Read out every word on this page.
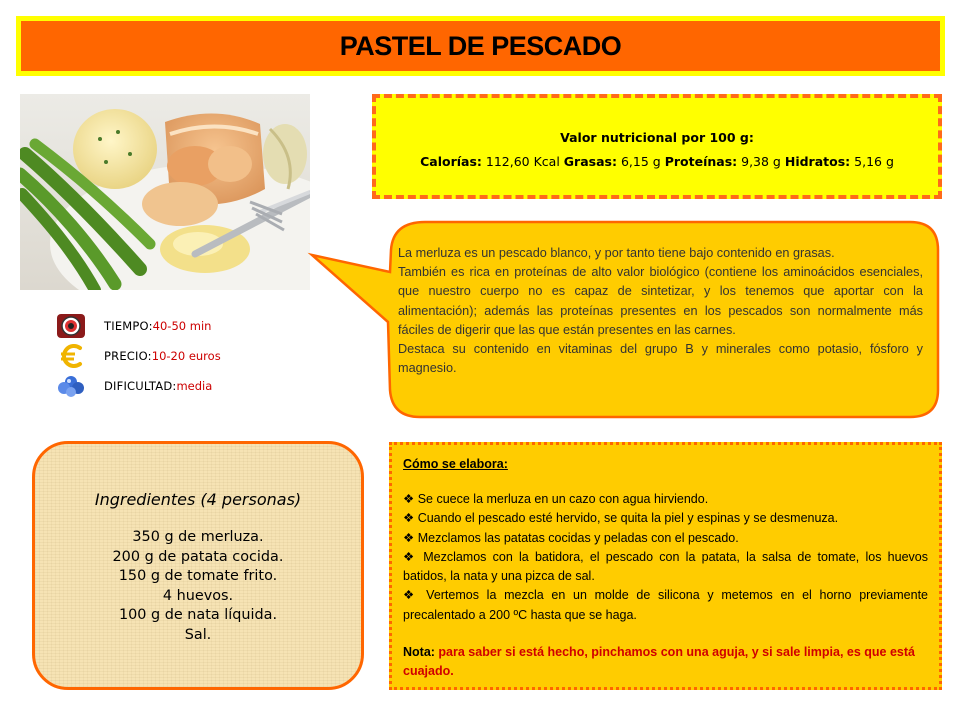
PASTEL DE PESCADO
Valor nutricional por 100 g:
Calorías: 112,60 Kcal Grasas: 6,15 g Proteínas: 9,38 g Hidratos: 5,16 g

La merluza es un pescado blanco, y por tanto tiene bajo contenido en grasas.

También es rica en proteínas de alto valor biológico (contiene los aminoácidos esenciales, que nuestro cuerpo no es capaz de sintetizar, y los tenemos que aportar con la alimentación); además las proteínas presentes en los pescados son normalmente más fáciles de digerir que las que están presentes en las carnes.

Destaca su contenido en vitaminas del grupo B y minerales como potasio, fósforo y magnesio.

TIEMPO: 40-50 min
PRECIO: 10-20 euros
DIFICULTAD: media
Ingredientes (4 personas)
350 g de merluza.
200 g de patata cocida.
150 g de tomate frito.
4 huevos.
100 g de nata líquida.
Sal.
Cómo se elabora:
❖ Se cuece la merluza en un cazo con agua hirviendo.
❖ Cuando el pescado esté hervido, se quita la piel y espinas y se desmenuza.
❖ Mezclamos las patatas cocidas y peladas con el pescado.
❖ Mezclamos con la batidora, el pescado con la patata, la salsa de tomate, los huevos batidos, la nata y una pizca de sal.
❖ Vertemos la mezcla en un molde de silicona y metemos en el horno previamente precalentado a 200 ºC hasta que se haga.
Nota: para saber si está hecho, pinchamos con una aguja, y si sale limpia, es que está cuajado.
